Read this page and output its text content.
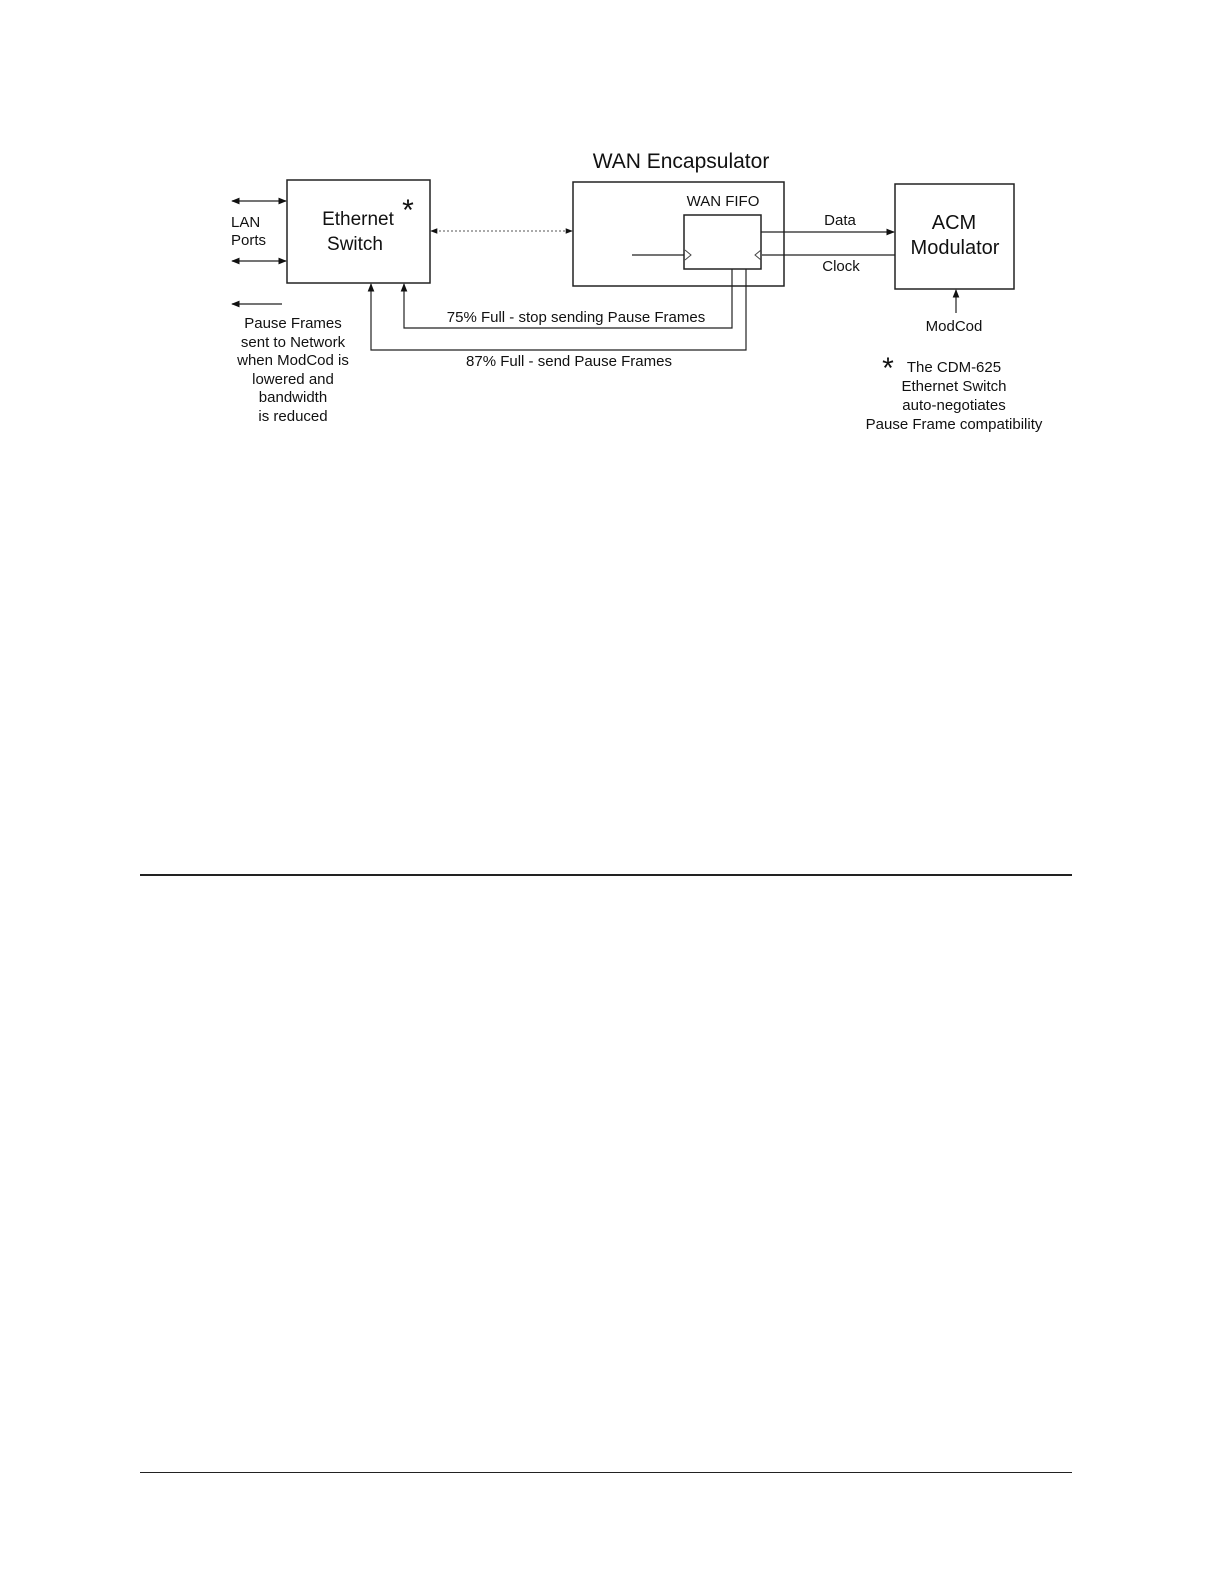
WAN Encapsulator
WAN FIFO
Ethernet
Switch
*	ACM
Modulator
LAN
Ports
Data
Clock
ModCod
75% Full - stop sending Pause Frames
87% Full - send Pause Frames
Pause Frames
sent to Network
when ModCod is
lowered and
bandwidth
is reduced
* The CDM-625
Ethernet Switch
auto-negotiates
Pause Frame compatibility
